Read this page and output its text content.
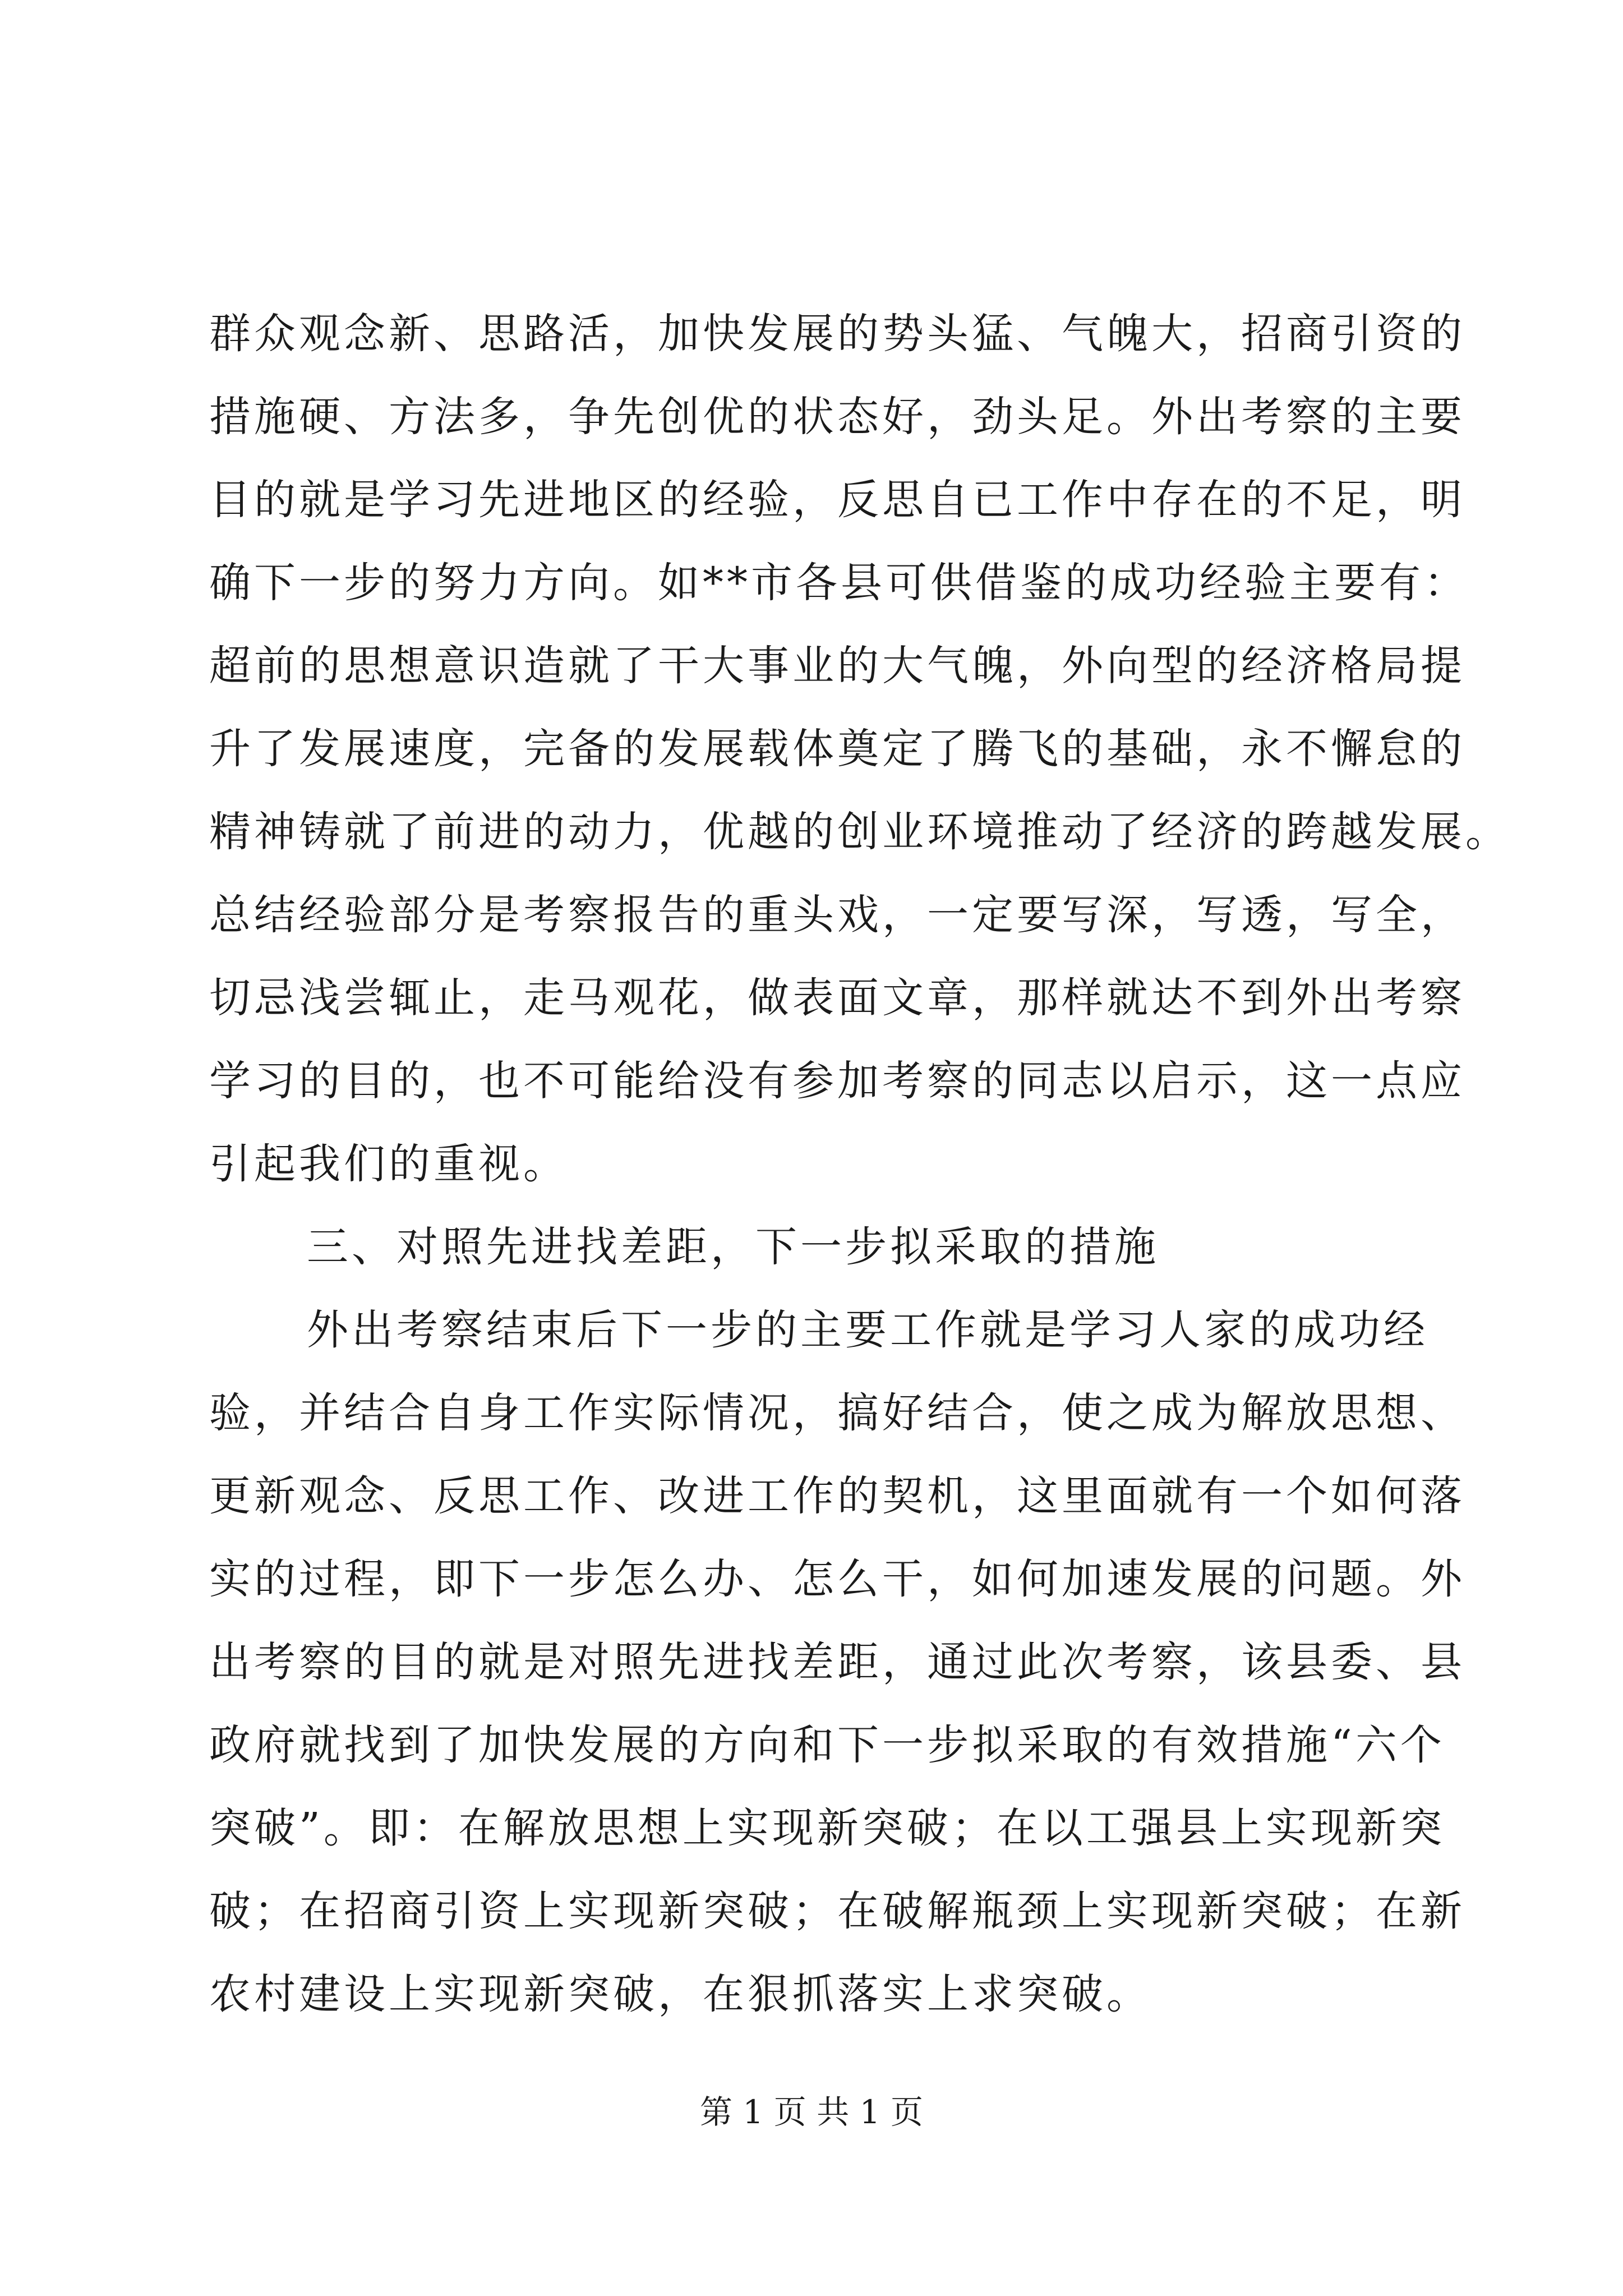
群众观念新、思路活，加快发展的势头猛、气魄大，招商引资的
措施硬、方法多，争先创优的状态好，劲头足。外出考察的主要
目的就是学习先进地区的经验，反思自已工作中存在的不足，明
确下一步的努力方向。如**市各县可供借鉴的成功经验主要有：
超前的思想意识造就了干大事业的大气魄，外向型的经济格局提
升了发展速度，完备的发展载体奠定了腾飞的基础，永不懈怠的
精神铸就了前进的动力，优越的创业环境推动了经济的跨越发展。
总结经验部分是考察报告的重头戏，一定要写深，写透，写全，
切忌浅尝辄止，走马观花，做表面文章，那样就达不到外出考察
学习的目的，也不可能给没有参加考察的同志以启示，这一点应
引起我们的重视。
三、对照先进找差距，下一步拟采取的措施
外出考察结束后下一步的主要工作就是学习人家的成功经
验，并结合自身工作实际情况，搞好结合，使之成为解放思想、
更新观念、反思工作、改进工作的契机，这里面就有一个如何落
实的过程，即下一步怎么办、怎么干，如何加速发展的问题。外
出考察的目的就是对照先进找差距，通过此次考察，该县委、县
政府就找到了加快发展的方向和下一步拟采取的有效措施“六个
突破”。即：在解放思想上实现新突破；在以工强县上实现新突
破；在招商引资上实现新突破；在破解瓶颈上实现新突破；在新
农村建设上实现新突破，在狠抓落实上求突破。
第 1 页 共 1 页
